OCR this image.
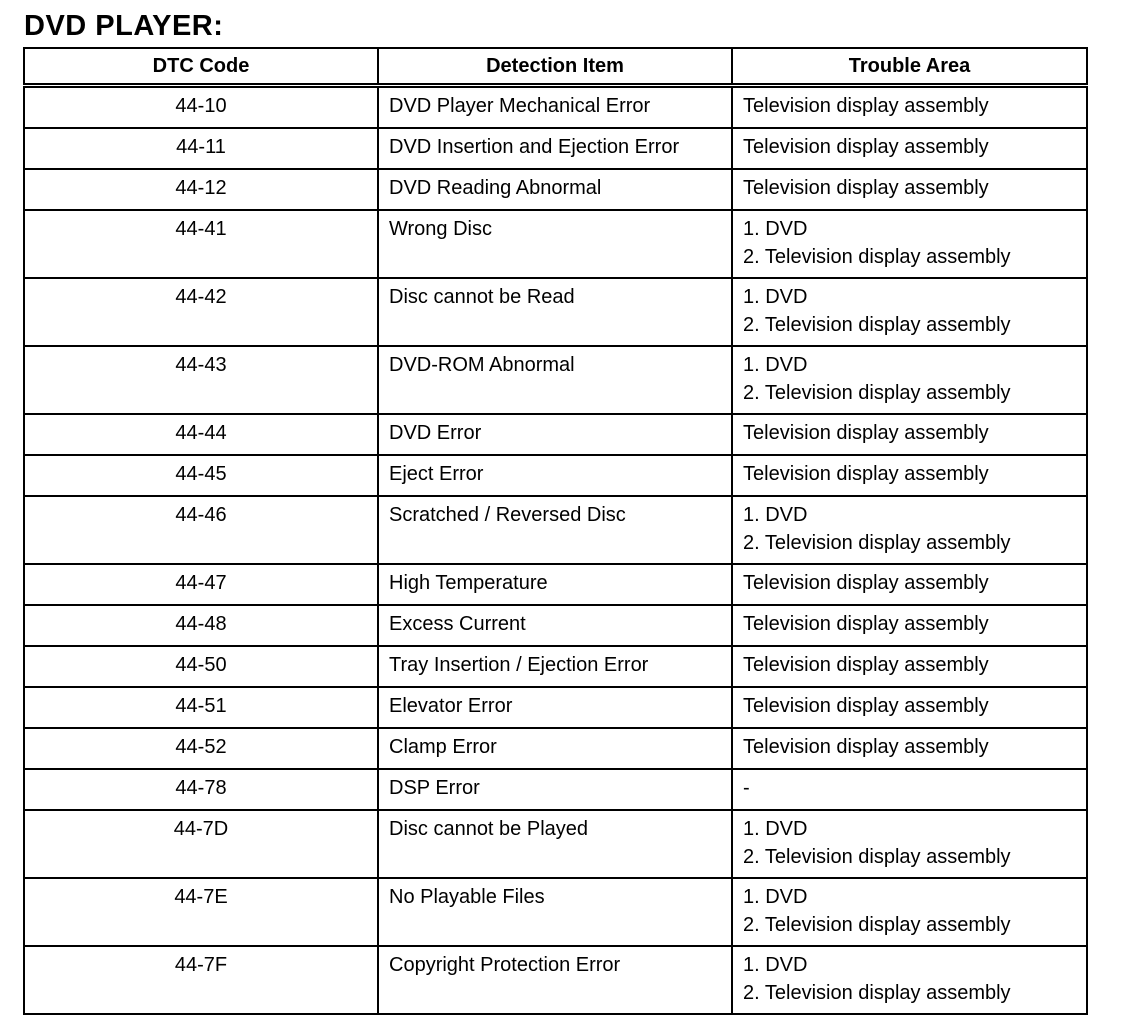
DVD PLAYER:
DTC Code	Detection Item	Trouble Area
44-10	DVD Player Mechanical Error	Television display assembly

44-11	DVD Insertion and Ejection Error	Television display assembly

44-12	DVD Reading Abnormal	Television display assembly

44-41	Wrong Disc	1. DVD
2. Television display assembly

44-42	Disc cannot be Read	1. DVD
2. Television display assembly

44-43	DVD-ROM Abnormal	1. DVD
2. Television display assembly

44-44	DVD Error	Television display assembly

44-45	Eject Error	Television display assembly

44-46	Scratched / Reversed Disc	1. DVD
2. Television display assembly

44-47	High Temperature	Television display assembly

44-48	Excess Current	Television display assembly

44-50	Tray Insertion / Ejection Error	Television display assembly

44-51	Elevator Error	Television display assembly

44-52	Clamp Error	Television display assembly

44-78	DSP Error	-

44-7D	Disc cannot be Played	1. DVD
2. Television display assembly

44-7E	No Playable Files	1. DVD
2. Television display assembly

44-7F	Copyright Protection Error	1. DVD
2. Television display assembly
